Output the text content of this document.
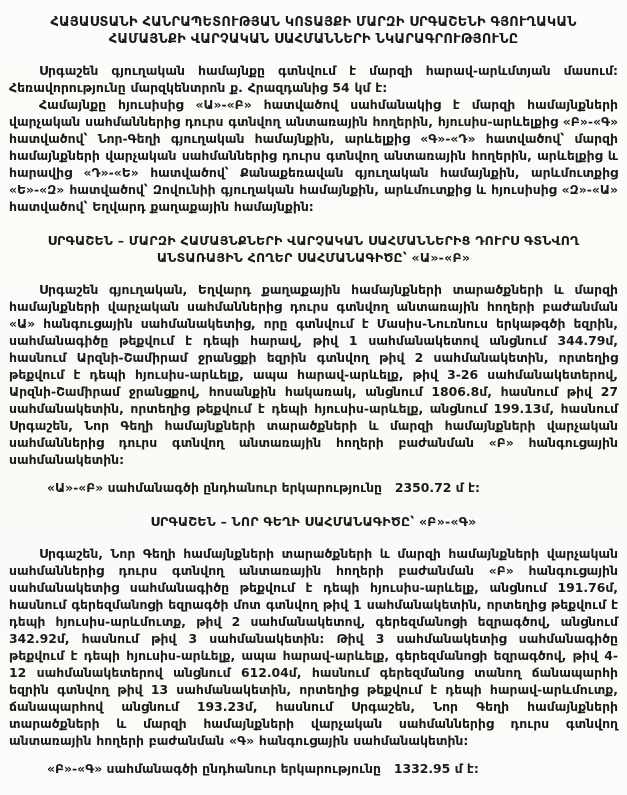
ՀԱՅԱՍՏԱՆԻ ՀԱՆՐԱՊԵՏՈՒԹՅԱՆ ԿՈՏԱՅՔԻ ՄԱՐԶԻ ՍՐԳԱՇԵՆԻ ԳՅՈՒՂԱԿԱՆ ՀԱՄԱՅՆՔԻ ՎԱՐՉԱԿԱՆ ՍԱՀՄԱՆՆԵՐԻ ՆԿԱՐԱԳՐՈՒԹՅՈՒՆԸ

Սրգաշեն գյուղական համայնքը գտնվում է մարզի հարավ-արևմտյան մասում: Հեռավորությունը մարզկենտրոն ք. Հրազդանից 54 կմ է:

Համայնքը հյուսիսից «Ա»-«Բ» հատվածով սահմանակից է մարզի համայնքների վարչական սահմաններից դուրս գտնվող անտառային հողերին, հյուսիս-արևելքից «Բ»-«Գ» հատվածով՝ Նոր-Գեղի գյուղական համայնքին, արևելքից «Գ»-«Դ» հատվածով՝ մարզի համայնքների վարչական սահմաններից դուրս գտնվող անտառային հողերին, արևելքից և հարավից «Դ»-«Ե» հատվածով՝ Քանաքեռավան գյուղական համայնքին, արևմուտքից «Ե»-«Զ» հատվածով՝ Զովունիի գյուղական համայնքին, արևմուտքից և հյուսիսից «Զ»-«Ա» հատվածով՝ Եղվարդ քաղաքային համայնքին:

ՍՐԳԱՇԵՆ – ՄԱՐԶԻ ՀԱՄԱՅՆՔՆԵՐԻ ՎԱՐՉԱԿԱՆ ՍԱՀՄԱՆՆԵՐԻՑ ԴՈՒՐՍ ԳՏՆՎՈՂ ԱՆՏԱՌԱՅԻՆ ՀՈՂԵՐ ՍԱՀՄԱՆԱԳԻԾԸ՝ «Ա»-«Բ»

Սրգաշեն գյուղական, Եղվարդ քաղաքային համայնքների տարածքների և մարզի համայնքների վարչական սահմաններից դուրս գտնվող անտառային հողերի բաժանման «Ա» հանգուցային սահմանակետից, որը գտնվում է Մասիս-Նուռնուս երկաթգծի եզրին, սահմանագիծը թեքվում է դեպի հարավ, թիվ 1 սահմանակետով անցնում 344.79մ, հասնում Արզնի-Շամիրամ ջրանցքի եզրին գտնվող թիվ 2 սահմանակետին, որտեղից թեքվում է դեպի հյուսիս-արևելք, ապա հարավ-արևելք, թիվ 3-26 սահմանակետերով, Արզնի-Շամիրամ ջրանցքով, հոսանքին հակառակ, անցնում 1806.8մ, հասնում թիվ 27 սահմանակետին, որտեղից թեքվում է դեպի հյուսիս-արևելք, անցնում 199.13մ, հասնում Սրգաշեն, Նոր Գեղի համայնքների տարածքների և մարզի համայնքների վարչական սահմաններից դուրս գտնվող անտառային հողերի բաժանման «Բ» հանգուցային սահմանակետին:

«Ա»-«Բ» սահմանագծի ընդհանուր երկարությունը   2350.72 մ է:

ՍՐԳԱՇԵՆ – ՆՈՐ ԳԵՂԻ ՍԱՀՄԱՆԱԳԻԾԸ՝ «Բ»-«Գ»

Սրգաշեն, Նոր Գեղի համայնքների տարածքների և մարզի համայնքների վարչական սահմաններից դուրս գտնվող անտառային հողերի բաժանման «Բ» հանգուցային սահմանակետից սահմանագիծը թեքվում է դեպի հյուսիս-արևելք, անցնում 191.76մ, հասնում գերեզմանոցի եզրագծի մոտ գտնվող թիվ 1 սահմանակետին, որտեղից թեքվում է դեպի հյուսիս-արևմուտք, թիվ 2 սահմանակետով, գերեզմանոցի եզրագծով, անցնում 342.92մ, հասնում թիվ 3 սահմանակետին: Թիվ 3 սահմանակետից սահմանագիծը թեքվում է դեպի հյուսիս-արևելք, ապա հարավ-արևելք, գերեզմանոցի եզրագծով, թիվ 4-12 սահմանակետերով անցնում 612.04մ, հասնում գերեզմանոց տանող ճանապարհի եզրին գտնվող թիվ 13 սահմանակետին, որտեղից թեքվում է դեպի հարավ-արևմուտք, ճանապարհով անցնում 193.23մ, հասնում Սրգաշեն, Նոր Գեղի համայնքների տարածքների և մարզի համայնքների վարչական սահմաններից դուրս գտնվող անտառային հողերի բաժանման «Գ» հանգուցային սահմանակետին:

«Բ»-«Գ» սահմանագծի ընդհանուր երկարությունը   1332.95 մ է:
